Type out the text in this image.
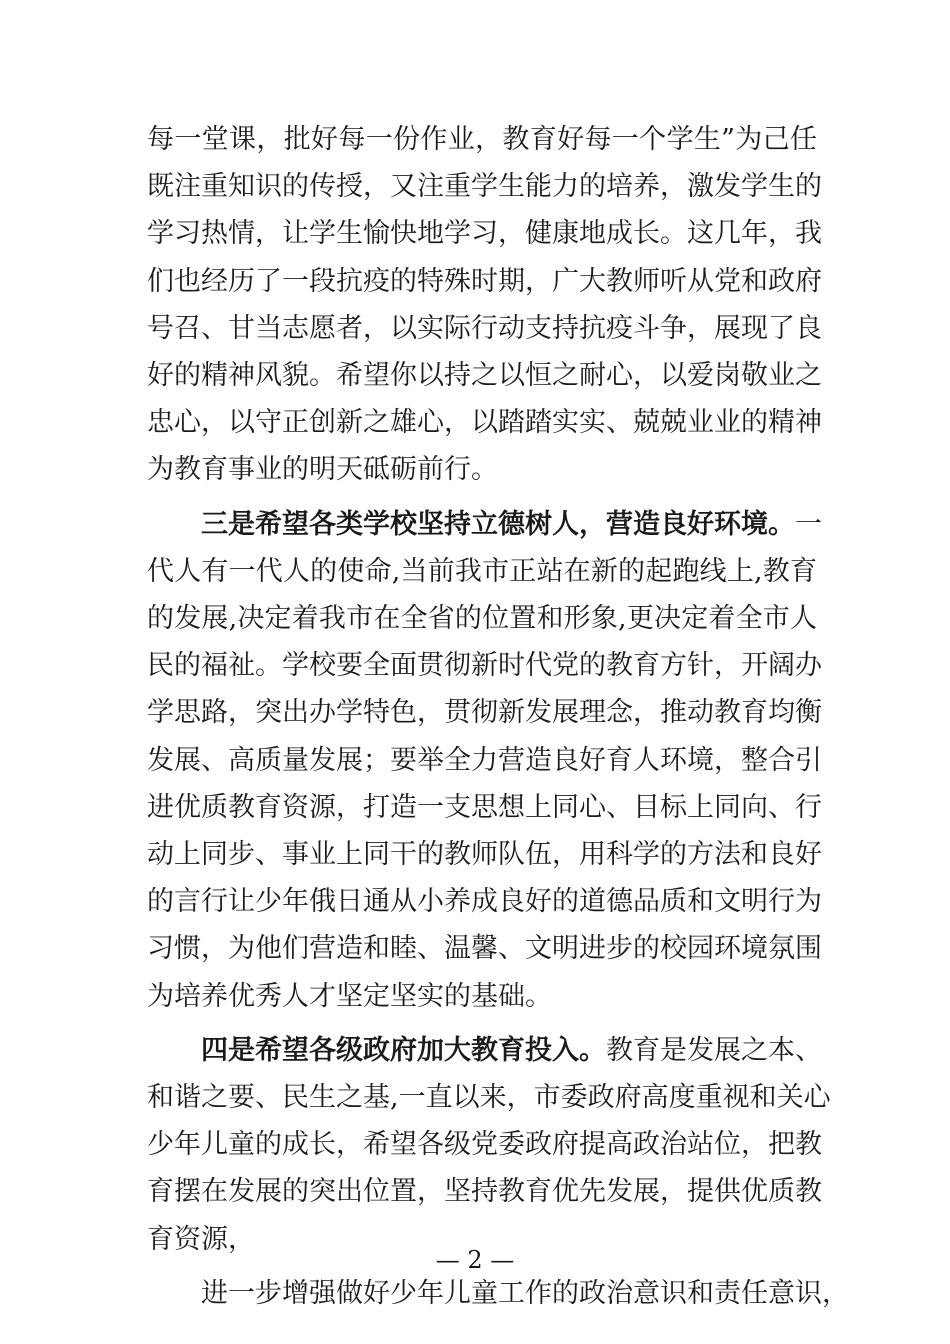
每一堂课，批好每一份作业，教育好每一个学生”为己任
既注重知识的传授，又注重学生能力的培养，激发学生的
学习热情，让学生愉快地学习，健康地成长。这几年，我
们也经历了一段抗疫的特殊时期，广大教师听从党和政府
号召、甘当志愿者，以实际行动支持抗疫斗争，展现了良
好的精神风貌。希望你以持之以恒之耐心，以爱岗敬业之
忠心，以守正创新之雄心，以踏踏实实、兢兢业业的精神
为教育事业的明天砥砺前行。
三是希望各类学校坚持立德树人，营造良好环境。一
代人有一代人的使命,当前我市正站在新的起跑线上,教育
的发展,决定着我市在全省的位置和形象,更决定着全市人
民的福祉。学校要全面贯彻新时代党的教育方针，开阔办
学思路，突出办学特色，贯彻新发展理念，推动教育均衡
发展、高质量发展；要举全力营造良好育人环境，整合引
进优质教育资源，打造一支思想上同心、目标上同向、行
动上同步、事业上同干的教师队伍，用科学的方法和良好
的言行让少年俄日通从小养成良好的道德品质和文明行为
习惯，为他们营造和睦、温馨、文明进步的校园环境氛围
为培养优秀人才坚定坚实的基础。
四是希望各级政府加大教育投入。教育是发展之本、
和谐之要、民生之基,一直以来，市委政府高度重视和关心
少年儿童的成长，希望各级党委政府提高政治站位，把教
育摆在发展的突出位置，坚持教育优先发展，提供优质教
育资源，
进一步增强做好少年儿童工作的政治意识和责任意识，
— 2 —
